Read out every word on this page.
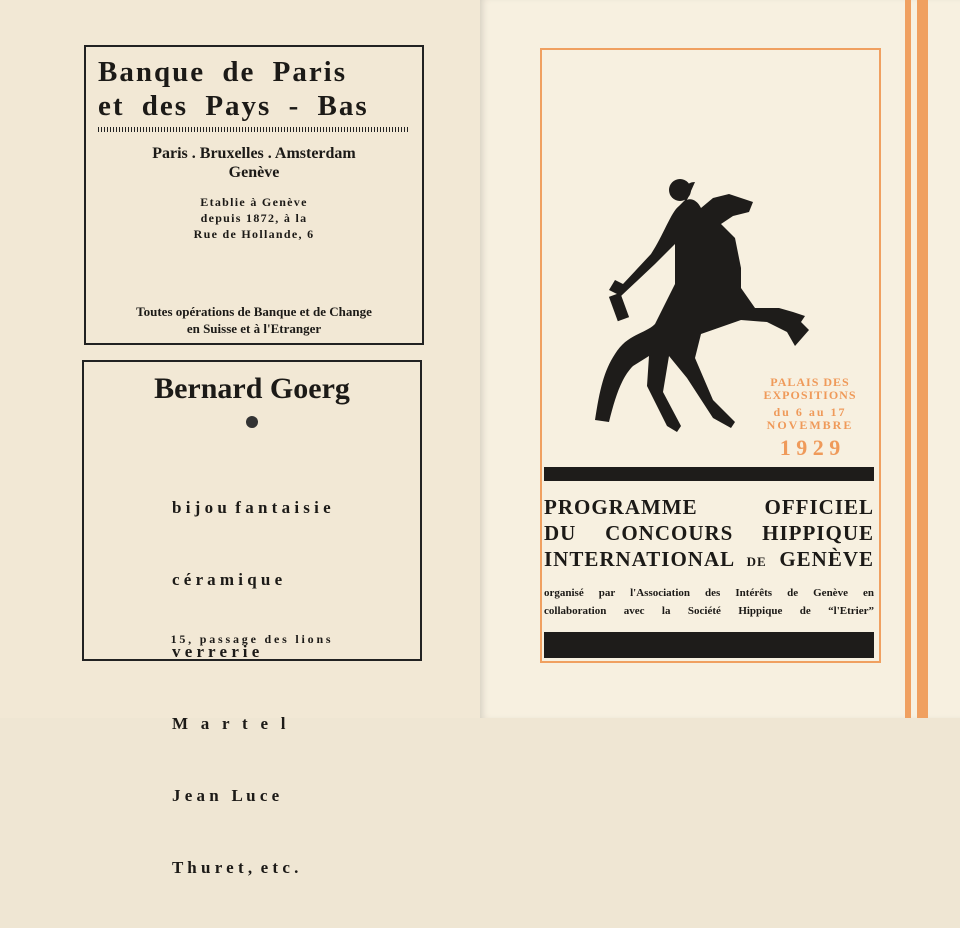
Banque de Paris
et des Pays - Bas
Paris . Bruxelles . Amsterdam
Genève
Etablie à Genève
depuis 1872, à la
Rue de Hollande, 6
Toutes opérations de Banque et de Change
en Suisse et à l'Etranger
Bernard Goerg

b i j o u  f a n t a i s i e

c é r a m i q u e

v e r r e r i e

M   a   r   t   e   l

J e a n   L u c e

T h u r e t ,  e t c .

15, passage des lions
PALAIS DES
EXPOSITIONS
du 6 au 17
NOVEMBRE
1 9 2 9
PROGRAMME  OFFICIEL
DU CONCOURS HIPPIQUE
INTERNATIONAL DE GENÈVE
organisé par l'Association des Intérêts de Genève en
collaboration avec la Société Hippique de “l'Etrier”
